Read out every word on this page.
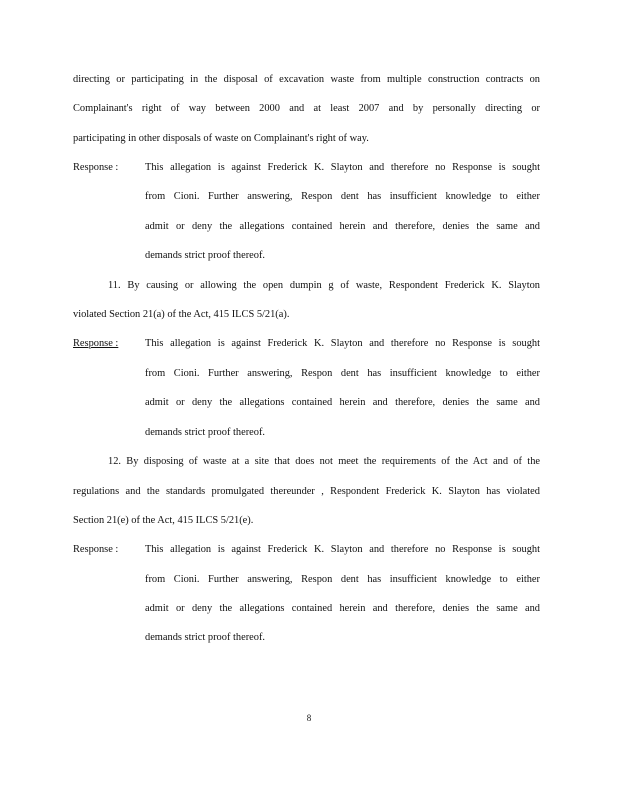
directing or participating in the disposal of excavation waste from multiple construction contracts on
Complainant's right of way between 2000 and at least 2007 and by personally directing or
participating in other disposals of waste on Complainant's right of way.
Response :	This allegation is against Frederick K. Slayton and therefore no Response is sought
from Cioni. Further answering, Respon dent has insufficient knowledge to either
admit or deny the allegations contained herein and therefore, denies the same and
demands strict proof thereof.
11. By causing or allowing the open dumpin g of waste, Respondent Frederick K. Slayton
violated Section 21(a) of the Act, 415 ILCS 5/21(a).
Response :	This allegation is against Frederick K. Slayton and therefore no Response is sought
from Cioni. Further answering, Respon dent has insufficient knowledge to either
admit or deny the allegations contained herein and therefore, denies the same and
demands strict proof thereof.
12. By disposing of waste at a site that does not meet the requirements of the Act and of the
regulations and the standards promulgated thereunder , Respondent Frederick K. Slayton has violated
Section 21(e) of the Act, 415 ILCS 5/21(e).
Response :	This allegation is against Frederick K. Slayton and therefore no Response is sought
from Cioni. Further answering, Respon dent has insufficient knowledge to either
admit or deny the allegations contained herein and therefore, denies the same and
demands strict proof thereof.
8
